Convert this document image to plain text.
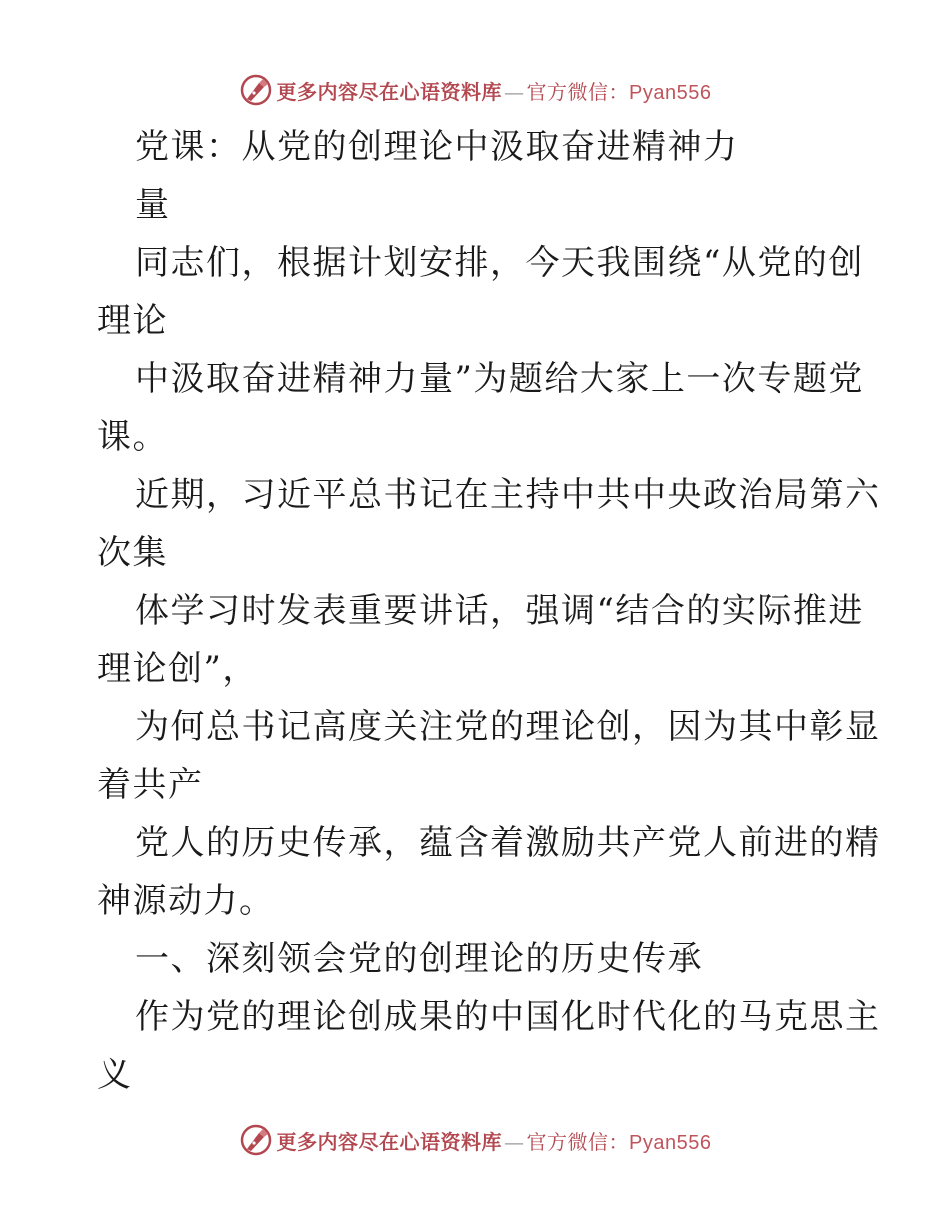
更多内容尽在心语资料库 — 官方微信：Pyan556
党课：从党的创理论中汲取奋进精神力
量
同志们，根据计划安排，今天我围绕“从党的创
理论
中汲取奋进精神力量”为题给大家上一次专题党
课。
近期，习近平总书记在主持中共中央政治局第六
次集
体学习时发表重要讲话，强调“结合的实际推进
理论创”，
为何总书记高度关注党的理论创，因为其中彰显
着共产
党人的历史传承，蕴含着激励共产党人前进的精
神源动力。
一、深刻领会党的创理论的历史传承
作为党的理论创成果的中国化时代化的马克思主
义
更多内容尽在心语资料库 — 官方微信：Pyan556
